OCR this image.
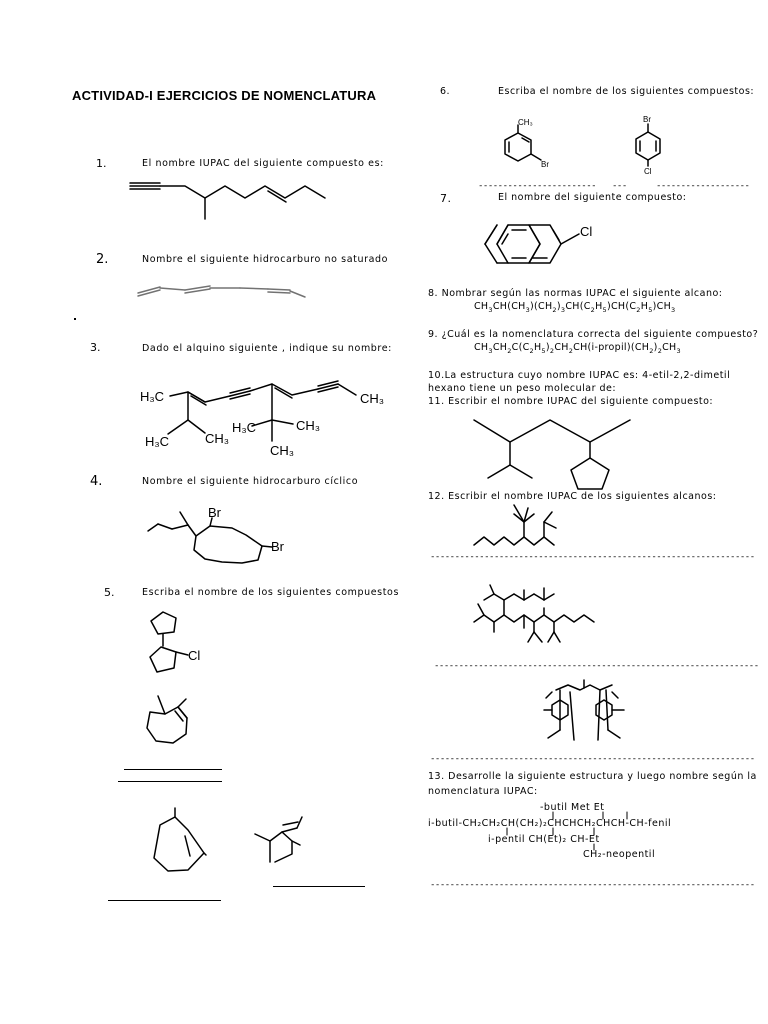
ACTIVIDAD-I EJERCICIOS DE NOMENCLATURA
1.	El nombre IUPAC del siguiente compuesto es:
2.	Nombre el siguiente hidrocarburo no saturado
3.	Dado el alquino siguiente , indique su nombre:
H₃C	CH₃
H₃C	CH₃
H₃C	CH₃
CH₃
4.	Nombre el siguiente hidrocarburo cíclico
Br
Br
5.	Escriba el nombre de los siguientes compuestos
Cl
6.	Escriba el nombre de los siguientes compuestos:
CH₃
Br
Br
Cl
------------------------ ---	-------------------
7.	El nombre del siguiente compuesto:
Cl
8. Nombrar según las normas IUPAC el siguiente alcano:
$CH_3CH(CH_3)(CH_2)_3CH(C_2H_5)CH(C_2H_5)CH_3$
9. ¿Cuál es la nomenclatura correcta del siguiente compuesto?
$CH_3CH_2C(C_2H_5)_2CH_2CH(i-propil)(CH_2)_2CH_3$
10.La estructura cuyo nombre IUPAC es: 4-etil-2,2-dimetil
hexano tiene un peso molecular de:
11. Escribir el nombre IUPAC del siguiente compuesto:
12. Escribir el nombre IUPAC de los siguientes alcanos:
------------------------------------------------------------------
------------------------------------------------------------------
------------------------------------------------------------------
13. Desarrolle la siguiente estructura y luego nombre según la
nomenclatura IUPAC:
-butil Met Et
i-butil-CH₂CH₂CH(CH₂)₂CHCHCH₂CHCH-CH-fenil
i-pentil CH(Et)₂ CH-Et
CH₂-neopentil
------------------------------------------------------------------
